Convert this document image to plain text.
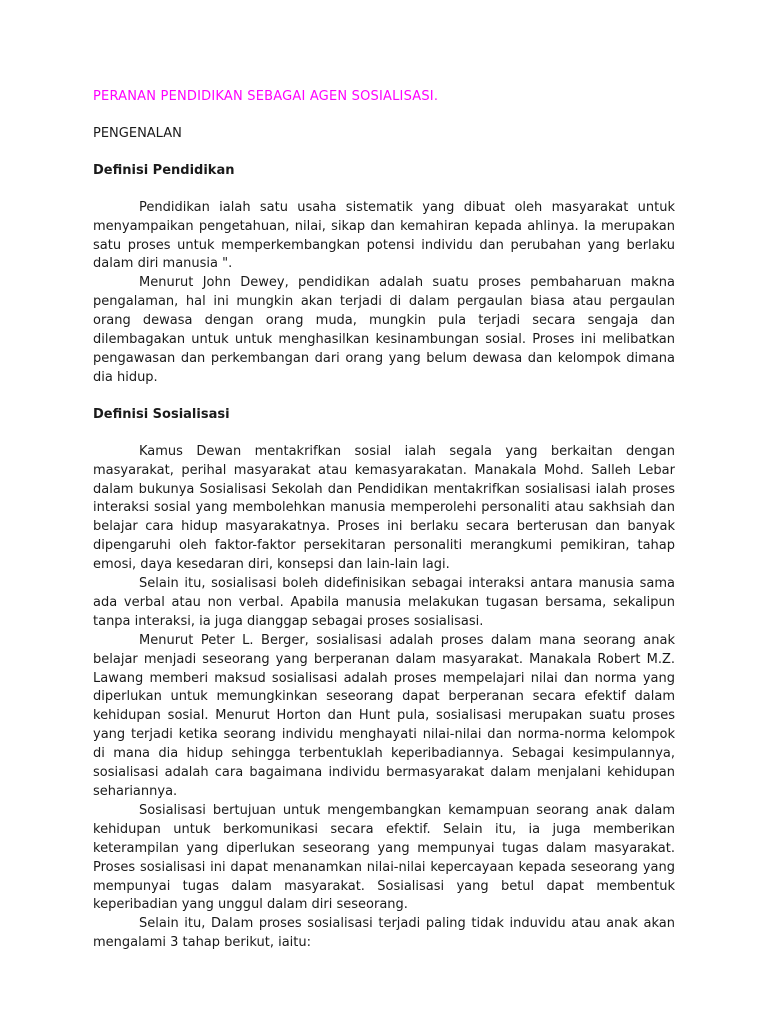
PERANAN PENDIDIKAN SEBAGAI AGEN SOSIALISASI.
PENGENALAN
Definisi Pendidikan

Pendidikan ialah satu usaha sistematik yang dibuat oleh masyarakat untuk menyampaikan pengetahuan, nilai, sikap dan kemahiran kepada ahlinya. Ia merupakan satu proses untuk memperkembangkan potensi individu dan perubahan yang berlaku dalam diri manusia ".

Menurut John Dewey, pendidikan adalah suatu proses pembaharuan makna pengalaman, hal ini mungkin akan terjadi di dalam pergaulan biasa atau pergaulan orang dewasa dengan orang muda, mungkin pula terjadi secara sengaja dan dilembagakan untuk untuk menghasilkan kesinambungan sosial. Proses ini melibatkan pengawasan dan perkembangan dari orang yang belum dewasa dan kelompok dimana dia hidup.

Definisi Sosialisasi

Kamus Dewan mentakrifkan sosial ialah segala yang berkaitan dengan masyarakat, perihal masyarakat atau kemasyarakatan. Manakala Mohd. Salleh Lebar dalam bukunya Sosialisasi Sekolah dan Pendidikan mentakrifkan sosialisasi ialah proses interaksi sosial yang membolehkan manusia memperolehi personaliti atau sakhsiah dan belajar cara hidup masyarakatnya. Proses ini berlaku secara berterusan dan banyak dipengaruhi oleh faktor-faktor persekitaran personaliti merangkumi pemikiran, tahap emosi, daya kesedaran diri, konsepsi dan lain-lain lagi.

Selain itu, sosialisasi boleh didefinisikan sebagai interaksi antara manusia sama ada verbal atau non verbal. Apabila manusia melakukan tugasan bersama, sekalipun tanpa interaksi, ia juga dianggap sebagai proses sosialisasi.

Menurut Peter L. Berger, sosialisasi adalah proses dalam mana seorang anak belajar menjadi seseorang yang berperanan dalam masyarakat. Manakala Robert M.Z. Lawang memberi maksud sosialisasi adalah proses mempelajari nilai dan norma yang diperlukan untuk memungkinkan seseorang dapat berperanan secara efektif dalam kehidupan sosial. Menurut Horton dan Hunt pula, sosialisasi merupakan suatu proses yang terjadi ketika seorang individu menghayati nilai-nilai dan norma-norma kelompok di mana dia hidup sehingga terbentuklah keperibadiannya. Sebagai kesimpulannya, sosialisasi adalah cara bagaimana individu bermasyarakat dalam menjalani kehidupan sehariannya.

Sosialisasi bertujuan untuk mengembangkan kemampuan seorang anak dalam kehidupan untuk berkomunikasi secara efektif. Selain itu, ia juga memberikan keterampilan yang diperlukan seseorang yang mempunyai tugas dalam masyarakat. Proses sosialisasi ini dapat menanamkan nilai-nilai kepercayaan kepada seseorang yang mempunyai tugas dalam masyarakat. Sosialisasi yang betul dapat membentuk keperibadian yang unggul dalam diri seseorang.

Selain itu, Dalam proses sosialisasi terjadi paling tidak induvidu atau anak akan mengalami 3 tahap berikut, iaitu:
